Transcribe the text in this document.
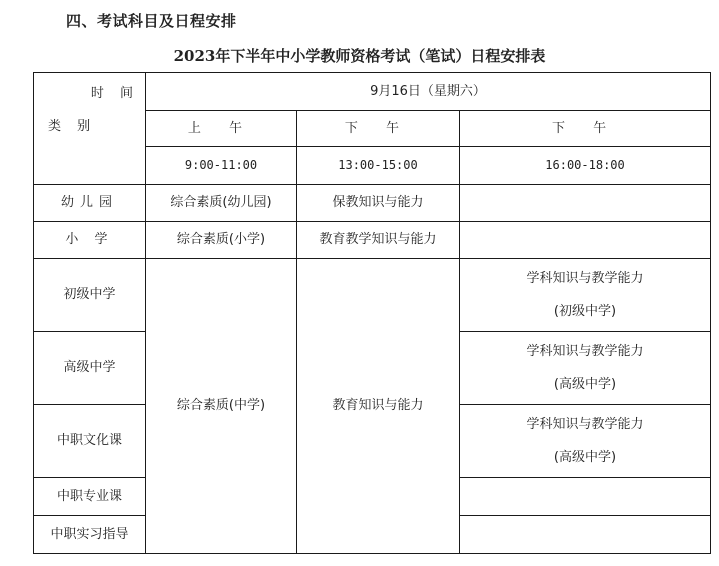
四、考试科目及日程安排
2023年下半年中小学教师资格考试（笔试）日程安排表
时 间
类 别	9月16日（星期六）		
	上 午	下 午	下 午
	9:00-11:00	13:00-15:00	16:00-18:00
幼儿园	综合素质(幼儿园)	保教知识与能力	
小 学	综合素质(小学)	教育教学知识与能力	
初级中学	综合素质(中学)	教育知识与能力	学科知识与教学能力
(初级中学)

高级中学			学科知识与教学能力
(高级中学)

中职文化课			学科知识与教学能力
(高级中学)

中职专业课			
中职实习指导			
